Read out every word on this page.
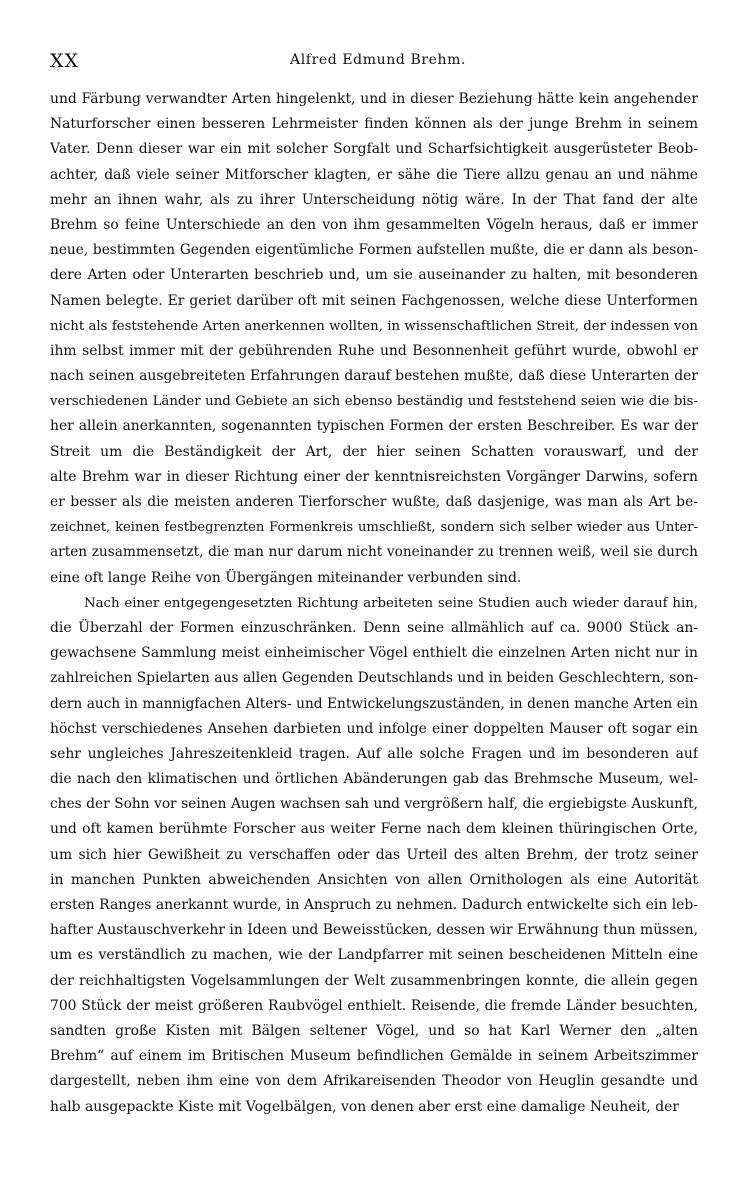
XX	Alfred Edmund Brehm.
und Färbung verwandter Arten hingelenkt, und in dieser Beziehung hätte kein angehender
Naturforscher einen besseren Lehrmeister finden können als der junge Brehm in seinem
Vater. Denn dieser war ein mit solcher Sorgfalt und Scharfsichtigkeit ausgerüsteter Beob-
achter, daß viele seiner Mitforscher klagten, er sähe die Tiere allzu genau an und nähme
mehr an ihnen wahr, als zu ihrer Unterscheidung nötig wäre. In der That fand der alte
Brehm so feine Unterschiede an den von ihm gesammelten Vögeln heraus, daß er immer
neue, bestimmten Gegenden eigentümliche Formen aufstellen mußte, die er dann als beson-
dere Arten oder Unterarten beschrieb und, um sie auseinander zu halten, mit besonderen
Namen belegte. Er geriet darüber oft mit seinen Fachgenossen, welche diese Unterformen
nicht als feststehende Arten anerkennen wollten, in wissenschaftlichen Streit, der indessen von
ihm selbst immer mit der gebührenden Ruhe und Besonnenheit geführt wurde, obwohl er
nach seinen ausgebreiteten Erfahrungen darauf bestehen mußte, daß diese Unterarten der
verschiedenen Länder und Gebiete an sich ebenso beständig und feststehend seien wie die bis-
her allein anerkannten, sogenannten typischen Formen der ersten Beschreiber. Es war der
Streit um die Beständigkeit der Art, der hier seinen Schatten vorauswarf, und der
alte Brehm war in dieser Richtung einer der kenntnisreichsten Vorgänger Darwins, sofern
er besser als die meisten anderen Tierforscher wußte, daß dasjenige, was man als Art be-
zeichnet, keinen festbegrenzten Formenkreis umschließt, sondern sich selber wieder aus Unter-
arten zusammensetzt, die man nur darum nicht voneinander zu trennen weiß, weil sie durch
eine oft lange Reihe von Übergängen miteinander verbunden sind.
Nach einer entgegengesetzten Richtung arbeiteten seine Studien auch wieder darauf hin,
die Überzahl der Formen einzuschränken. Denn seine allmählich auf ca. 9000 Stück an-
gewachsene Sammlung meist einheimischer Vögel enthielt die einzelnen Arten nicht nur in
zahlreichen Spielarten aus allen Gegenden Deutschlands und in beiden Geschlechtern, son-
dern auch in mannigfachen Alters- und Entwickelungszuständen, in denen manche Arten ein
höchst verschiedenes Ansehen darbieten und infolge einer doppelten Mauser oft sogar ein
sehr ungleiches Jahreszeitenkleid tragen. Auf alle solche Fragen und im besonderen auf
die nach den klimatischen und örtlichen Abänderungen gab das Brehmsche Museum, wel-
ches der Sohn vor seinen Augen wachsen sah und vergrößern half, die ergiebigste Auskunft,
und oft kamen berühmte Forscher aus weiter Ferne nach dem kleinen thüringischen Orte,
um sich hier Gewißheit zu verschaffen oder das Urteil des alten Brehm, der trotz seiner
in manchen Punkten abweichenden Ansichten von allen Ornithologen als eine Autorität
ersten Ranges anerkannt wurde, in Anspruch zu nehmen. Dadurch entwickelte sich ein leb-
hafter Austauschverkehr in Ideen und Beweisstücken, dessen wir Erwähnung thun müssen,
um es verständlich zu machen, wie der Landpfarrer mit seinen bescheidenen Mitteln eine
der reichhaltigsten Vogelsammlungen der Welt zusammenbringen konnte, die allein gegen
700 Stück der meist größeren Raubvögel enthielt. Reisende, die fremde Länder besuchten,
sandten große Kisten mit Bälgen seltener Vögel, und so hat Karl Werner den „alten
Brehm“ auf einem im Britischen Museum befindlichen Gemälde in seinem Arbeitszimmer
dargestellt, neben ihm eine von dem Afrikareisenden Theodor von Heuglin gesandte und
halb ausgepackte Kiste mit Vogelbälgen, von denen aber erst eine damalige Neuheit, der
